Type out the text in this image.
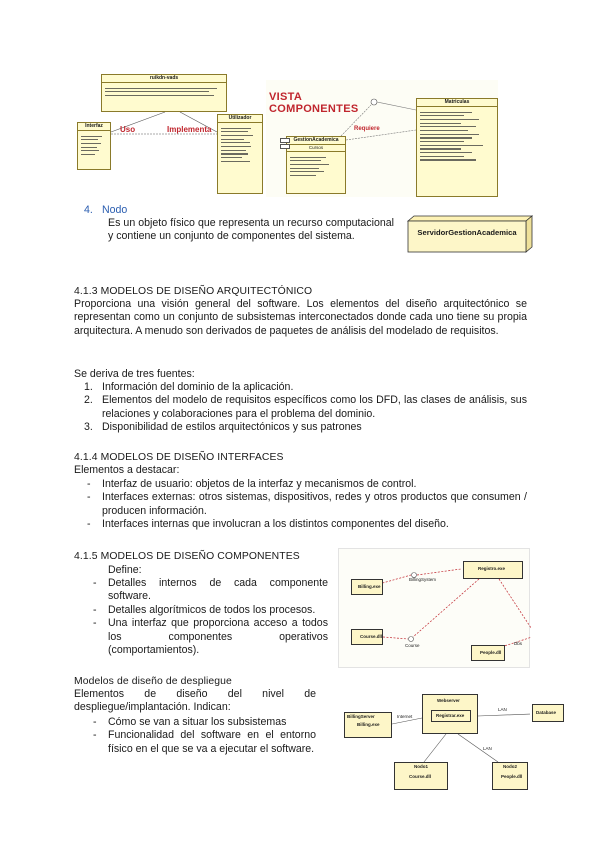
ruikdn-vads
Interfaz
Utilizador
Uso	Implementa
VISTA
COMPONENTES
GestionAcademica
Cursos
Matriculas
Requiere
4. Nodo
Es un objeto físico que representa un recurso computacional y contiene un conjunto de componentes del sistema.	ServidorGestionAcademica
4.1.3 MODELOS DE DISEÑO ARQUITECTÓNICO
Proporciona una visión general del software. Los elementos del diseño arquitectónico se representan como un conjunto de subsistemas interconectados donde cada uno tiene su propia arquitectura. A menudo son derivados de paquetes de análisis del modelado de requisitos.
Se deriva de tres fuentes:
1. Información del dominio de la aplicación.
2. Elementos del modelo de requisitos específicos como los DFD, las clases de análisis, sus relaciones y colaboraciones para el problema del dominio.
3. Disponibilidad de estilos arquitectónicos y sus patrones
4.1.4 MODELOS DE DISEÑO INTERFACES
Elementos a destacar:
- Interfaz de usuario: objetos de la interfaz y mecanismos de control.
- Interfaces externas: otros sistemas, dispositivos, redes y otros productos que consumen / producen información.
- Interfaces internas que involucran a los distintos componentes del diseño.
4.1.5 MODELOS DE DISEÑO COMPONENTES
Define:
- Detalles internos de cada componente software.
- Detalles algorítmicos de todos los procesos.
- Una interfaz que proporciona acceso a todos los componentes operativos (comportamientos).
Billing.exe
BillingSystem
Registro.exe
Course.dll
Course
People.dll
Dbs
Modelos de diseño de despliegue
Elementos de diseño del nivel de despliegue/implantación. Indican:
- Cómo se van a situar los subsistemas
- Funcionalidad del software en el entorno físico en el que se va a ejecutar el software.
BillingServer
Billing.exe
Internet
Webserver
Registrar.exe
LAN
Database
LAN
Nodo1
Course.dll
Nodo2
People.dll
